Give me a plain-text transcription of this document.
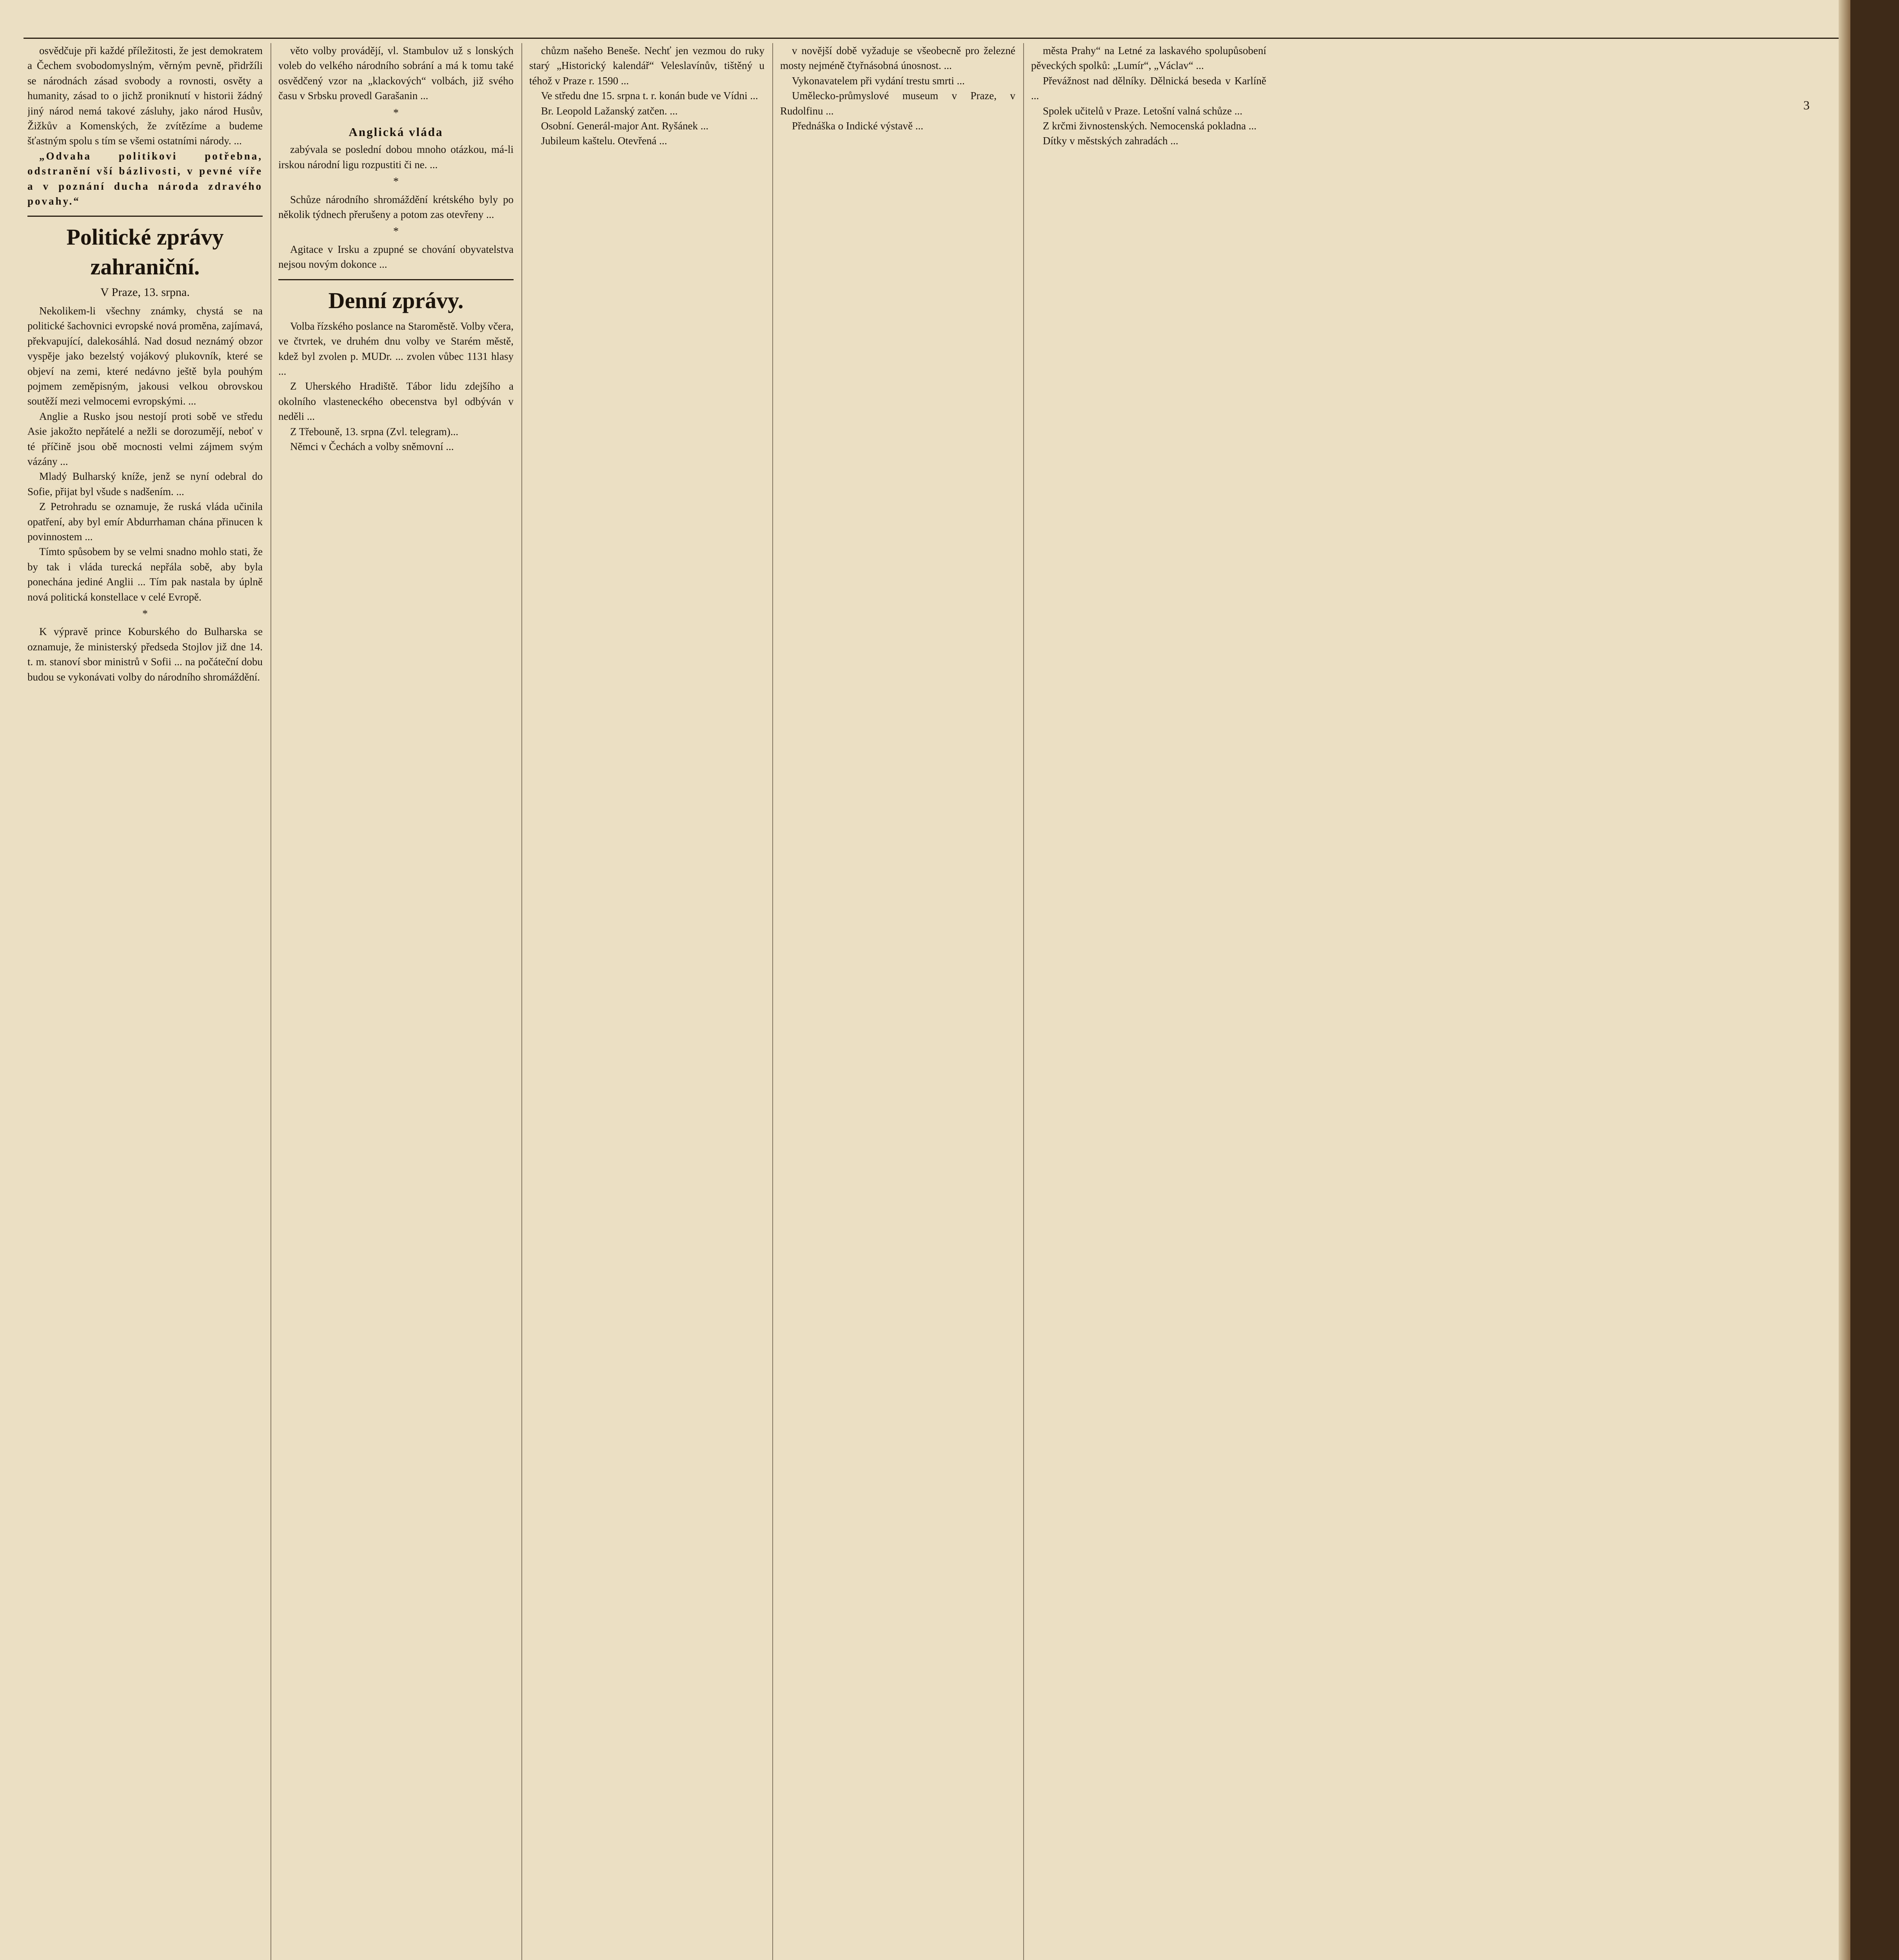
osvědčuje při každé příležitosti, že jest demokratem a Čechem svobodomyslným, věrným pevně, přidržíli se národnách zásad svobody a rovnosti, osvěty a humanity, zásad to o jichž proniknutí v historii žádný jiný národ nemá takové zásluhy, jako národ Husův, Žižkův a Komenských, že zvítězíme a budeme šťastným spolu s tím se všemi ostatními národy. ...

„Odvaha politikovi potřebna, odstranění vší bázlivosti, v pevné víře a v poznání ducha národa zdravého povahy.“

Politické zprávy zahraniční.
V Praze, 13. srpna.

Nekolikem-li všechny známky, chystá se na politické šachovnici evropské nová proměna, zajímavá, překvapující, dalekosáhlá. Nad dosud neznámý obzor vyspěje jako bezelstý vojákový plukovník, které se objeví na zemi, které nedávno ještě byla pouhým pojmem zeměpisným, jakousi velkou obrovskou soutěží mezi velmocemi evropskými. ...

Anglie a Rusko jsou nestojí proti sobě ve středu Asie jakožto nepřátelé a nežli se dorozumějí, neboť v té příčině jsou obě mocnosti velmi zájmem svým vázány ...

Mladý Bulharský kníže, jenž se nyní odebral do Sofie, přijat byl všude s nadšením. ...

Z Petrohradu se oznamuje, že ruská vláda učinila opatření, aby byl emír Abdurrhaman chána přinucen k povinnostem ...

Tímto spůsobem by se velmi snadno mohlo stati, že by tak i vláda turecká nepřála sobě, aby byla ponechána jediné Anglii ... Tím pak nastala by úplně nová politická konstellace v celé Evropě.

*

K výpravě prince Koburského do Bulharska se oznamuje, že ministerský předseda Stojlov již dne 14. t. m. stanoví sbor ministrů v Sofii ... na počáteční dobu budou se vykonávati volby do národního shromáždění.

věto volby provádějí, vl. Stambulov už s lonských voleb do velkého národního sobrání a má k tomu také osvědčený vzor na „klackových“ volbách, již svého času v Srbsku provedl Garašanin ...

*
Anglická vláda

zabývala se poslední dobou mnoho otázkou, má-li irskou národní ligu rozpustiti či ne. ...

*

Schůze národního shromáždění krétského byly po několik týdnech přerušeny a potom zas otevřeny ...

*

Agitace v Irsku a zpupné se chování obyvatelstva nejsou novým dokonce ...

Denní zprávy.

Volba řízského poslance na Staroměstě. Volby včera, ve čtvrtek, ve druhém dnu volby ve Starém městě, kdež byl zvolen p. MUDr. ... zvolen vůbec 1131 hlasy ...

Z Uherského Hradiště. Tábor lidu zdejšího a okolního vlasteneckého obecenstva byl odbýván v neděli ...

Z Třebouně, 13. srpna (Zvl. telegram)...

Němci v Čechách a volby sněmovní ...

chůzm našeho Beneše. Nechť jen vezmou do ruky starý „Historický kalendář“ Veleslavínův, tištěný u téhož v Praze r. 1590 ...

Ve středu dne 15. srpna t. r. konán bude ve Vídni ...

Br. Leopold Lažanský zatčen. ...

Osobní. Generál-major Ant. Ryšánek ...

Jubileum kaštelu. Otevřená ...

v novější době vyžaduje se všeobecně pro železné mosty nejméně čtyřnásobná únosnost. ...

Vykonavatelem při vydání trestu smrti ...

Umělecko-průmyslové museum v Praze, v Rudolfinu ...

Přednáška o Indické výstavě ...

města Prahy“ na Letné za laskavého spolupůsobení pěveckých spolků: „Lumír“, „Václav“ ...

Převážnost nad dělníky. Dělnická beseda v Karlíně ...

Spolek učitelů v Praze. Letošní valná schůze ...

Z krčmi živnostenských. Nemocenská pokladna ...

Dítky v městských zahradách ...

3
